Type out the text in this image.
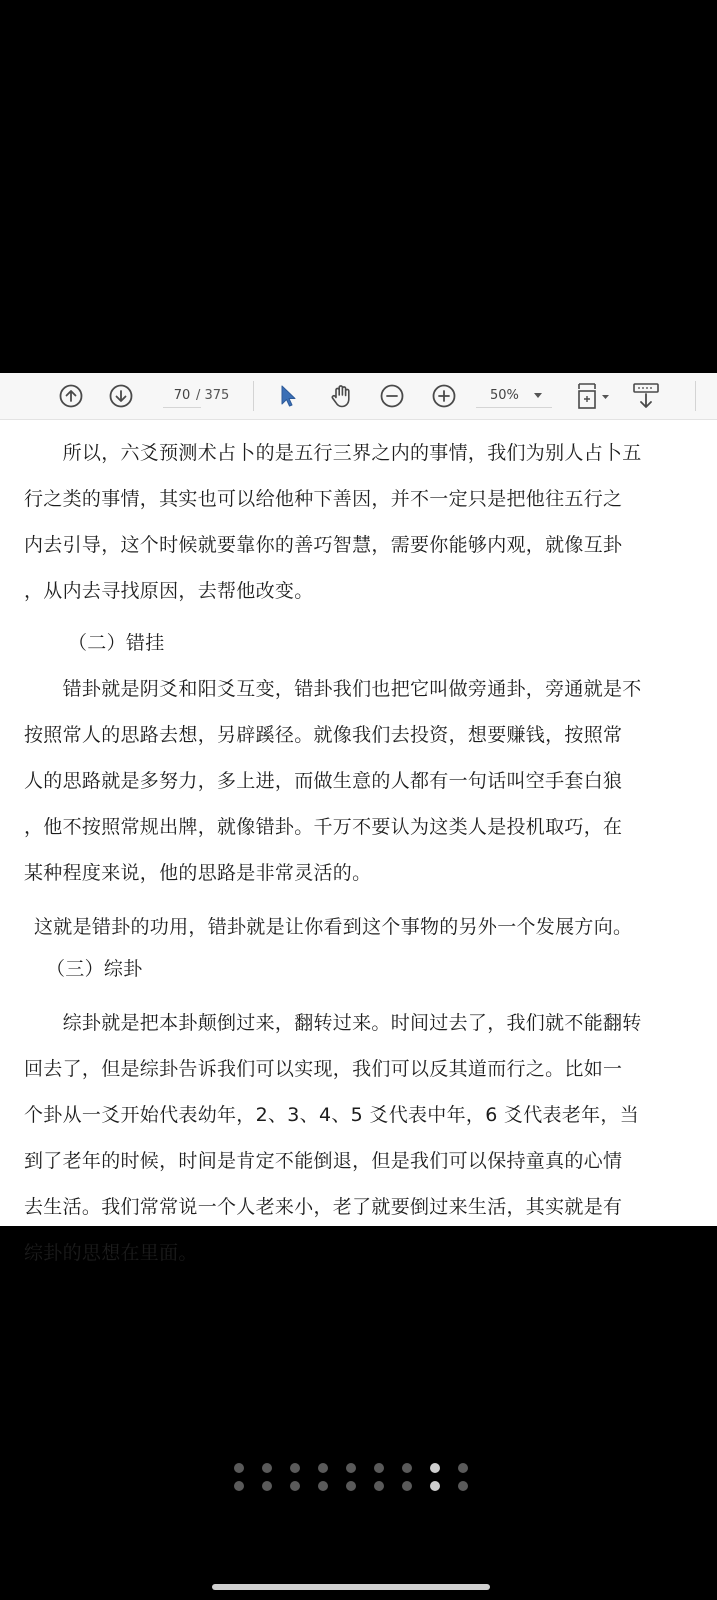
70 / 375	50%

　　所以，六爻预测术占卜的是五行三界之内的事情，我们为别人占卜五

行之类的事情，其实也可以给他种下善因，并不一定只是把他往五行之

内去引导，这个时候就要靠你的善巧智慧，需要你能够内观，就像互卦

，从内去寻找原因，去帮他改变。

（二）错挂

　　错卦就是阴爻和阳爻互变，错卦我们也把它叫做旁通卦，旁通就是不

按照常人的思路去想，另辟蹊径。就像我们去投资，想要赚钱，按照常

人的思路就是多努力，多上进，而做生意的人都有一句话叫空手套白狼

，他不按照常规出牌，就像错卦。千万不要认为这类人是投机取巧，在

某种程度来说，他的思路是非常灵活的。

这就是错卦的功用，错卦就是让你看到这个事物的另外一个发展方向。

（三）综卦

　　综卦就是把本卦颠倒过来，翻转过来。时间过去了，我们就不能翻转

回去了，但是综卦告诉我们可以实现，我们可以反其道而行之。比如一

个卦从一爻开始代表幼年，2、3、4、5 爻代表中年，6 爻代表老年，当

到了老年的时候，时间是肯定不能倒退，但是我们可以保持童真的心情

去生活。我们常常说一个人老来小，老了就要倒过来生活，其实就是有

综卦的思想在里面。
